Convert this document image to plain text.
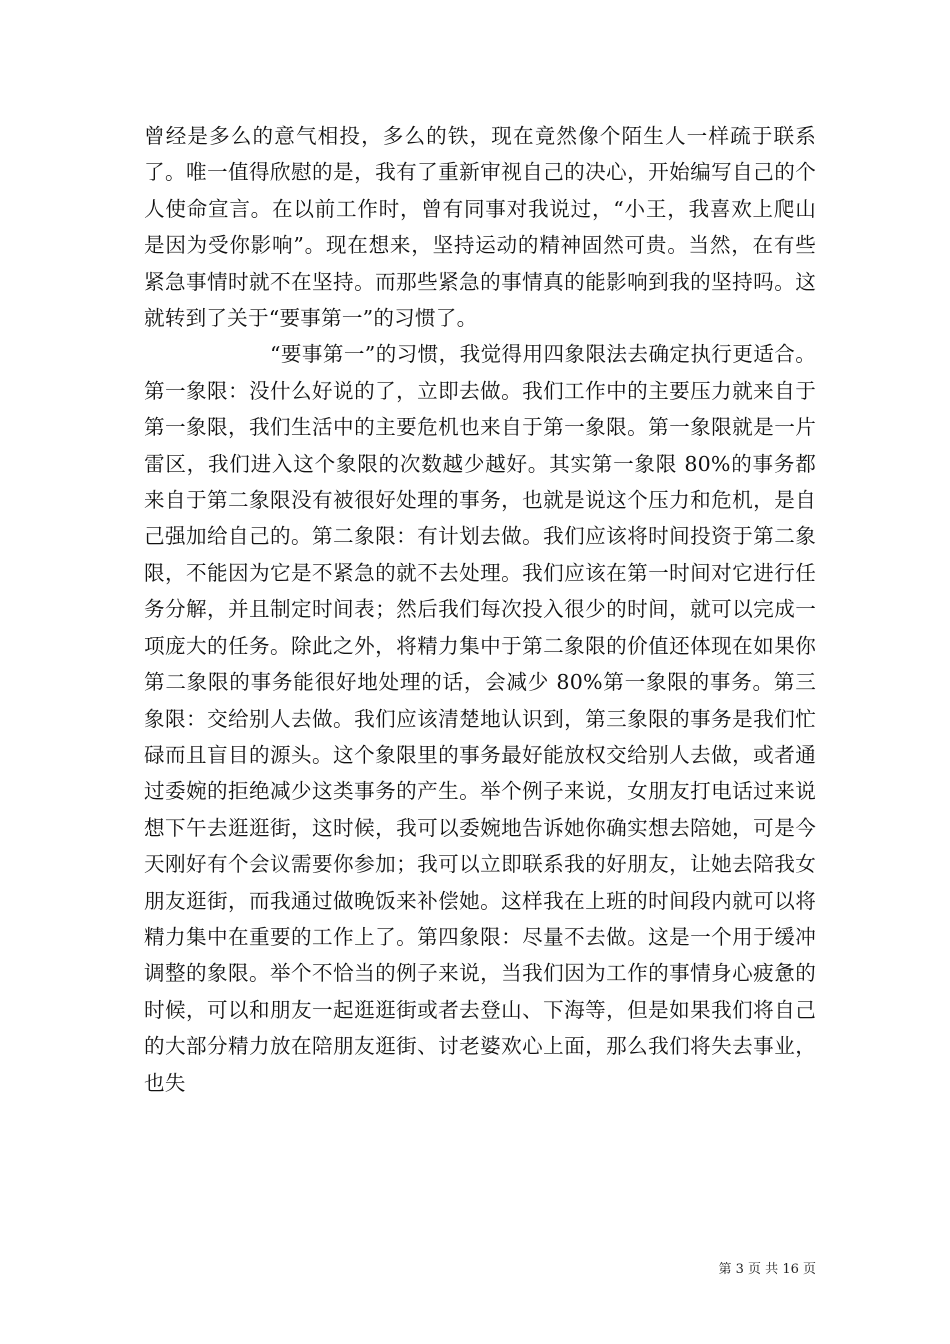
曾经是多么的意气相投，多么的铁，现在竟然像个陌生人一样疏于联系了。唯一值得欣慰的是，我有了重新审视自己的决心，开始编写自己的个人使命宣言。在以前工作时，曾有同事对我说过，“小王，我喜欢上爬山是因为受你影响”。现在想来，坚持运动的精神固然可贵。当然，在有些紧急事情时就不在坚持。而那些紧急的事情真的能影响到我的坚持吗。这就转到了关于“要事第一”的习惯了。

“要事第一”的习惯，我觉得用四象限法去确定执行更适合。第一象限：没什么好说的了，立即去做。我们工作中的主要压力就来自于第一象限，我们生活中的主要危机也来自于第一象限。第一象限就是一片雷区，我们进入这个象限的次数越少越好。其实第一象限 80%的事务都来自于第二象限没有被很好处理的事务，也就是说这个压力和危机，是自己强加给自己的。第二象限：有计划去做。我们应该将时间投资于第二象限，不能因为它是不紧急的就不去处理。我们应该在第一时间对它进行任务分解，并且制定时间表；然后我们每次投入很少的时间，就可以完成一项庞大的任务。除此之外，将精力集中于第二象限的价值还体现在如果你第二象限的事务能很好地处理的话，会减少 80%第一象限的事务。第三象限：交给别人去做。我们应该清楚地认识到，第三象限的事务是我们忙碌而且盲目的源头。这个象限里的事务最好能放权交给别人去做，或者通过委婉的拒绝减少这类事务的产生。举个例子来说，女朋友打电话过来说想下午去逛逛街，这时候，我可以委婉地告诉她你确实想去陪她，可是今天刚好有个会议需要你参加；我可以立即联系我的好朋友，让她去陪我女朋友逛街，而我通过做晚饭来补偿她。这样我在上班的时间段内就可以将精力集中在重要的工作上了。第四象限：尽量不去做。这是一个用于缓冲调整的象限。举个不恰当的例子来说，当我们因为工作的事情身心疲惫的时候，可以和朋友一起逛逛街或者去登山、下海等，但是如果我们将自己的大部分精力放在陪朋友逛街、讨老婆欢心上面，那么我们将失去事业，也失

第 3 页 共 16 页
